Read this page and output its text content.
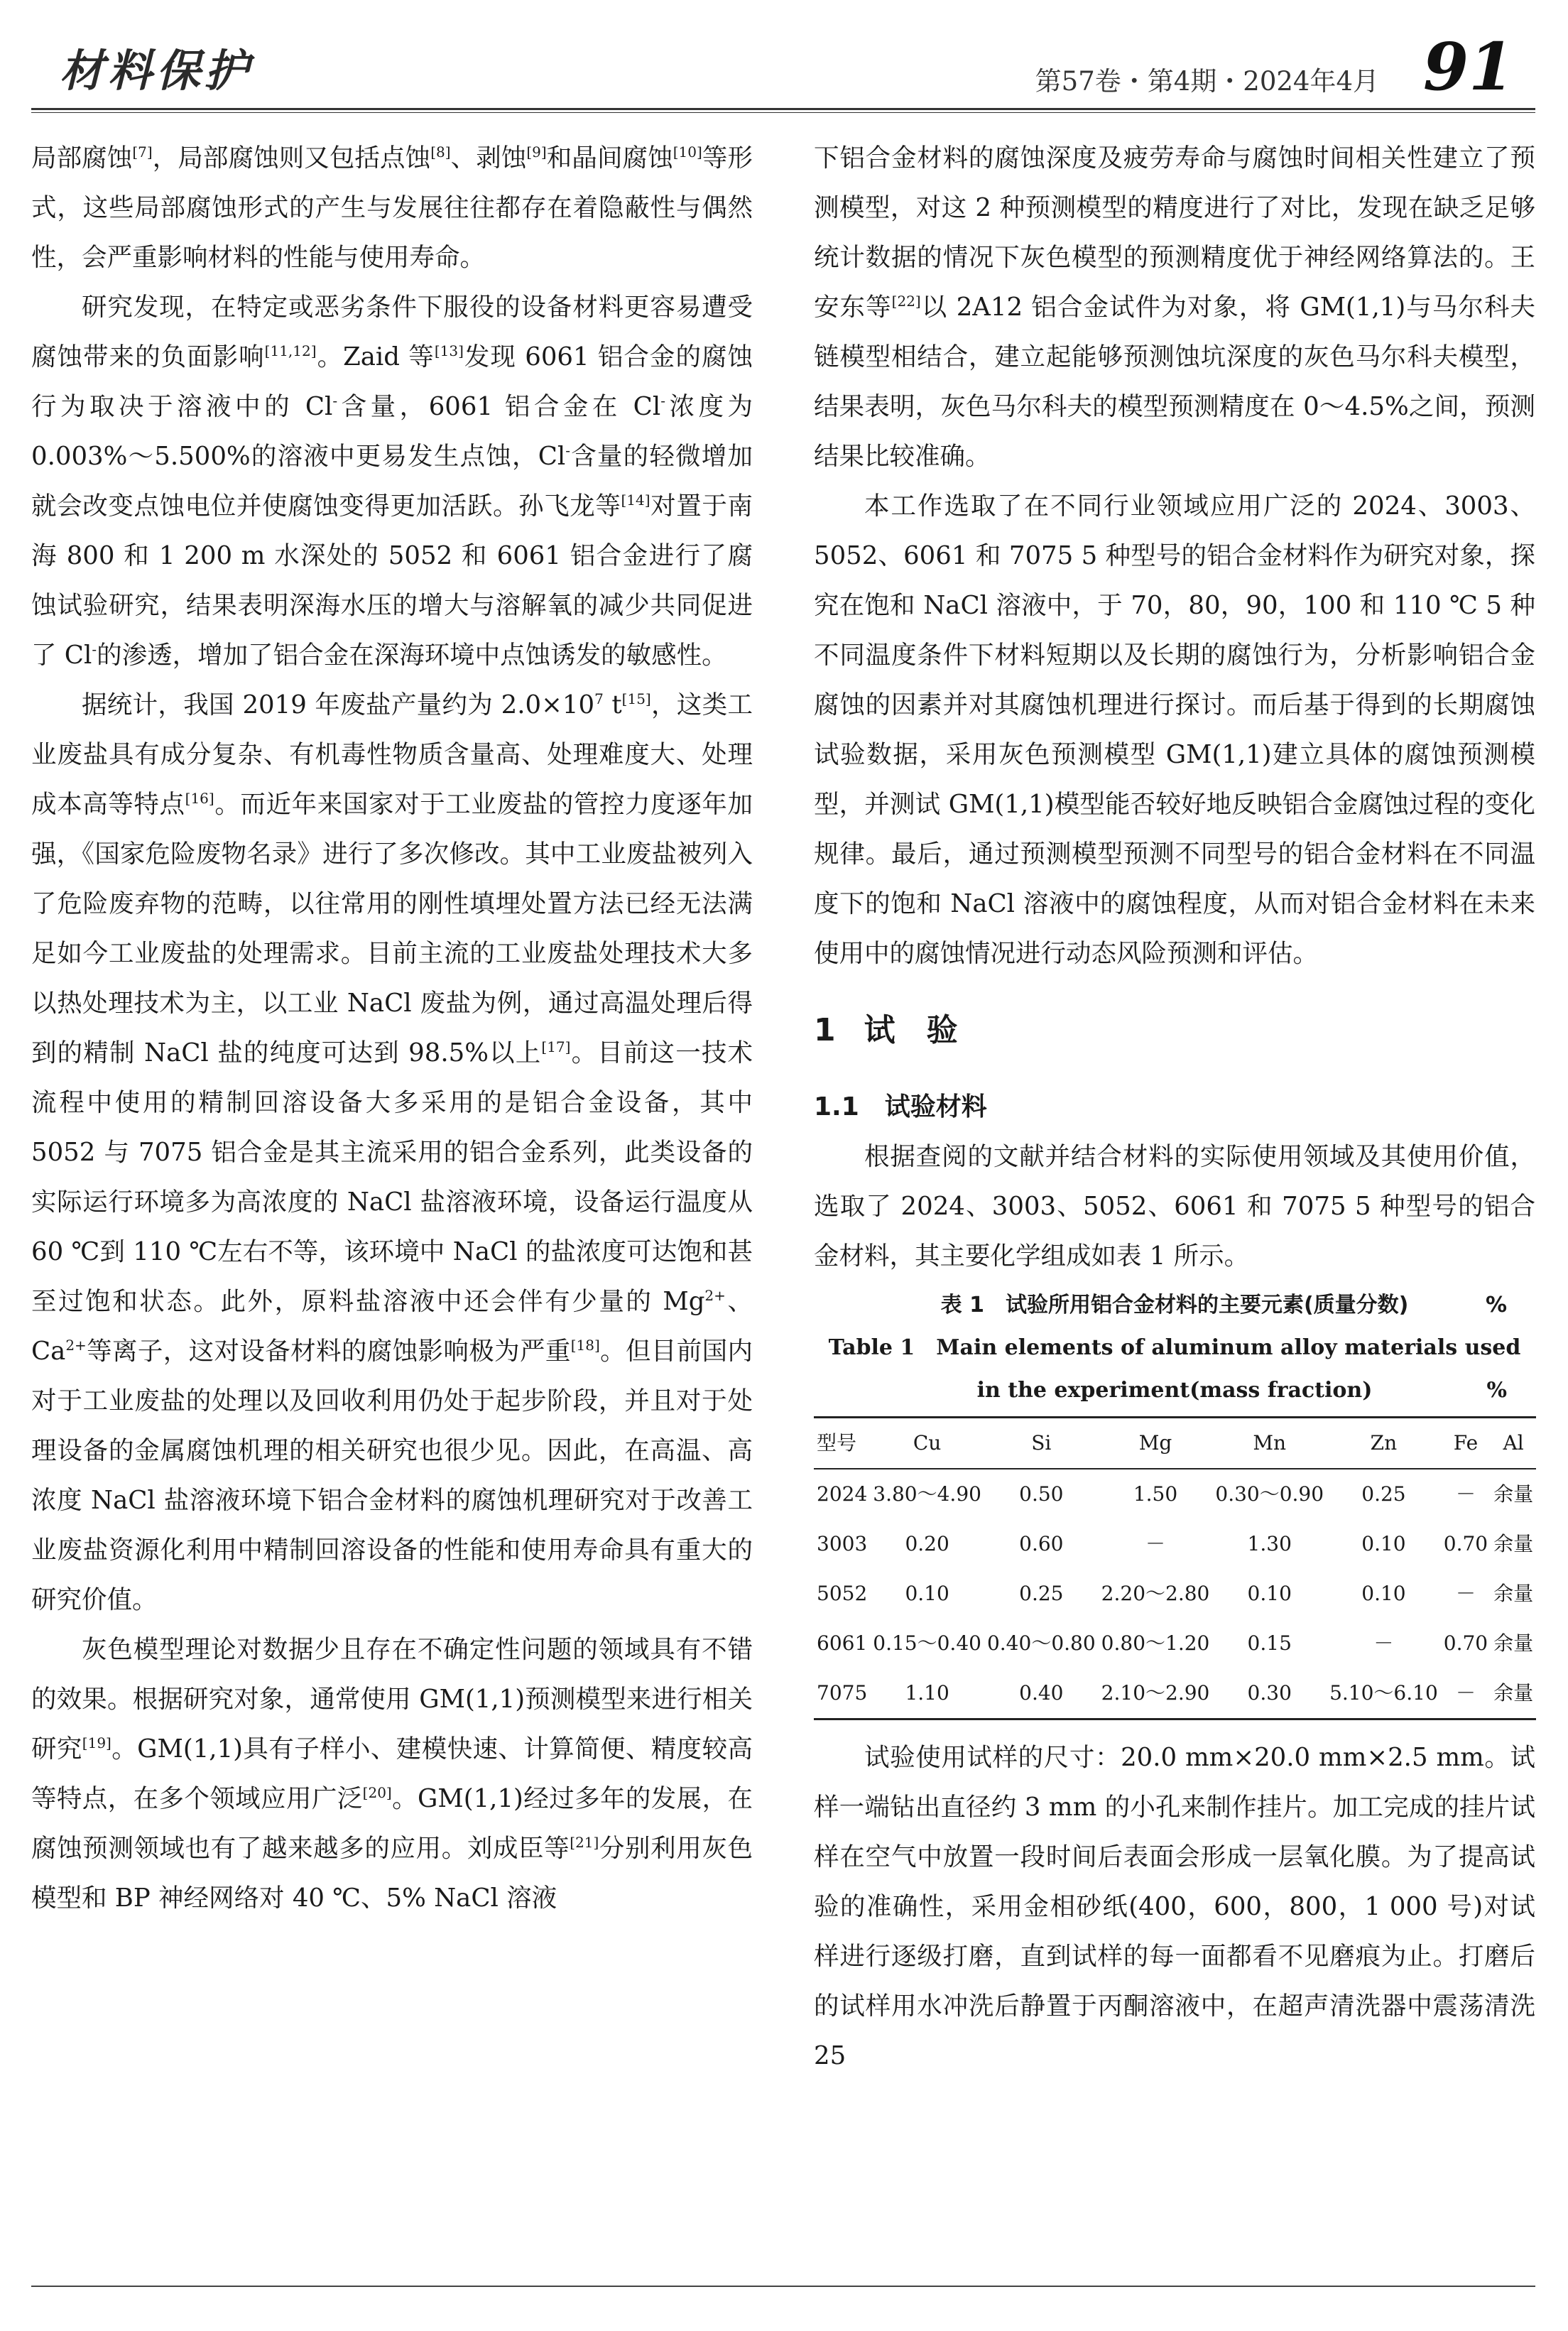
材料保护	第57卷・第4期・2024年4月 91

局部腐蚀[7]，局部腐蚀则又包括点蚀[8]、剥蚀[9]和晶间腐蚀[10]等形式，这些局部腐蚀形式的产生与发展往往都存在着隐蔽性与偶然性，会严重影响材料的性能与使用寿命。

研究发现，在特定或恶劣条件下服役的设备材料更容易遭受腐蚀带来的负面影响[11,12]。Zaid 等[13]发现 6061 铝合金的腐蚀行为取决于溶液中的 Cl-含量，6061 铝合金在 Cl-浓度为 0.003%～5.500%的溶液中更易发生点蚀，Cl-含量的轻微增加就会改变点蚀电位并使腐蚀变得更加活跃。孙飞龙等[14]对置于南海 800 和 1 200 m 水深处的 5052 和 6061 铝合金进行了腐蚀试验研究，结果表明深海水压的增大与溶解氧的减少共同促进了 Cl-的渗透，增加了铝合金在深海环境中点蚀诱发的敏感性。

据统计，我国 2019 年废盐产量约为 $2.0\times 10^7$ t[15]，这类工业废盐具有成分复杂、有机毒性物质含量高、处理难度大、处理成本高等特点[16]。而近年来国家对于工业废盐的管控力度逐年加强，《国家危险废物名录》进行了多次修改。其中工业废盐被列入了危险废弃物的范畴，以往常用的刚性填埋处置方法已经无法满足如今工业废盐的处理需求。目前主流的工业废盐处理技术大多以热处理技术为主，以工业 NaCl 废盐为例，通过高温处理后得到的精制 NaCl 盐的纯度可达到 98.5%以上[17]。目前这一技术流程中使用的精制回溶设备大多采用的是铝合金设备，其中 5052 与 7075 铝合金是其主流采用的铝合金系列，此类设备的实际运行环境多为高浓度的 NaCl 盐溶液环境，设备运行温度从 60 ℃到 110 ℃左右不等，该环境中 NaCl 的盐浓度可达饱和甚至过饱和状态。此外，原料盐溶液中还会伴有少量的 $Mg^{2+}$、$Ca^{2+}$等离子，这对设备材料的腐蚀影响极为严重[18]。但目前国内对于工业废盐的处理以及回收利用仍处于起步阶段，并且对于处理设备的金属腐蚀机理的相关研究也很少见。因此，在高温、高浓度 NaCl 盐溶液环境下铝合金材料的腐蚀机理研究对于改善工业废盐资源化利用中精制回溶设备的性能和使用寿命具有重大的研究价值。

灰色模型理论对数据少且存在不确定性问题的领域具有不错的效果。根据研究对象，通常使用 GM(1,1)预测模型来进行相关研究[19]。GM(1,1)具有子样小、建模快速、计算简便、精度较高等特点，在多个领域应用广泛[20]。GM(1,1)经过多年的发展，在腐蚀预测领域也有了越来越多的应用。刘成臣等[21]分别利用灰色模型和 BP 神经网络对 40 ℃、5% NaCl 溶液

下铝合金材料的腐蚀深度及疲劳寿命与腐蚀时间相关性建立了预测模型，对这 2 种预测模型的精度进行了对比，发现在缺乏足够统计数据的情况下灰色模型的预测精度优于神经网络算法的。王安东等[22]以 2A12 铝合金试件为对象，将 GM(1,1)与马尔科夫链模型相结合，建立起能够预测蚀坑深度的灰色马尔科夫模型，结果表明，灰色马尔科夫的模型预测精度在 0～4.5%之间，预测结果比较准确。

本工作选取了在不同行业领域应用广泛的 2024、3003、5052、6061 和 7075 5 种型号的铝合金材料作为研究对象，探究在饱和 NaCl 溶液中，于 70，80，90，100 和 110 ℃ 5 种不同温度条件下材料短期以及长期的腐蚀行为，分析影响铝合金腐蚀的因素并对其腐蚀机理进行探讨。而后基于得到的长期腐蚀试验数据，采用灰色预测模型 GM(1,1)建立具体的腐蚀预测模型，并测试 GM(1,1)模型能否较好地反映铝合金腐蚀过程的变化规律。最后，通过预测模型预测不同型号的铝合金材料在不同温度下的饱和 NaCl 溶液中的腐蚀程度，从而对铝合金材料在未来使用中的腐蚀情况进行动态风险预测和评估。

1 试　验
1.1 试验材料

根据查阅的文献并结合材料的实际使用领域及其使用价值，选取了 2024、3003、5052、6061 和 7075 5 种型号的铝合金材料，其主要化学组成如表 1 所示。

表 1　试验所用铝合金材料的主要元素(质量分数)	%
Table 1　Main elements of aluminum alloy materials used
in the experiment(mass fraction)	%
型号	Cu	Si	Mg	Mn	Zn	Fe	Al
2024	3.80～4.90	0.50	1.50	0.30～0.90	0.25	－	余量
3003	0.20	0.60	－	1.30	0.10	0.70	余量
5052	0.10	0.25	2.20～2.80	0.10	0.10	－	余量
6061	0.15～0.40	0.40～0.80	0.80～1.20	0.15	－	0.70	余量
7075	1.10	0.40	2.10～2.90	0.30	5.10～6.10	－	余量

试验使用试样的尺寸：20.0 mm×20.0 mm×2.5 mm。试样一端钻出直径约 3 mm 的小孔来制作挂片。加工完成的挂片试样在空气中放置一段时间后表面会形成一层氧化膜。为了提高试验的准确性，采用金相砂纸(400，600，800，1 000 号)对试样进行逐级打磨，直到试样的每一面都看不见磨痕为止。打磨后的试样用水冲洗后静置于丙酮溶液中，在超声清洗器中震荡清洗 25
